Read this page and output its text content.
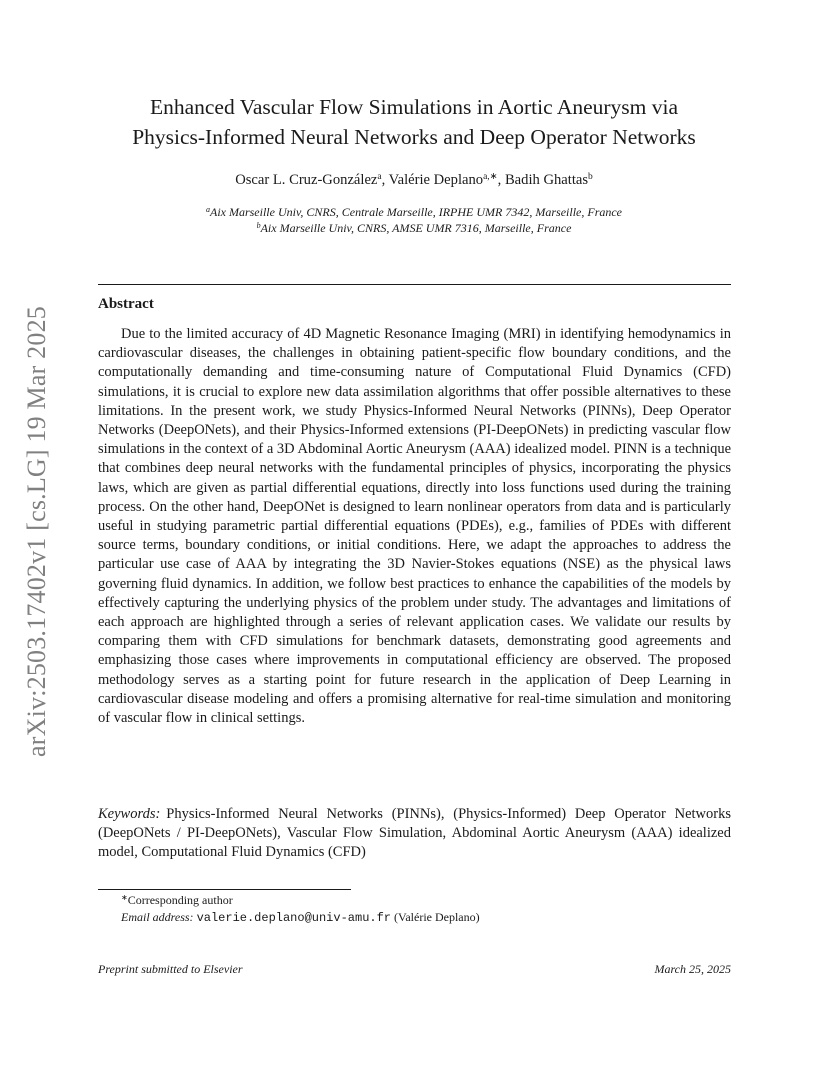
arXiv:2503.17402v1 [cs.LG] 19 Mar 2025
Enhanced Vascular Flow Simulations in Aortic Aneurysm via
Physics-Informed Neural Networks and Deep Operator Networks
Oscar L. Cruz-González$^a$, Valérie Deplano$^{a,∗}$, Badih Ghattas$^b$
$^a$Aix Marseille Univ, CNRS, Centrale Marseille, IRPHE UMR 7342, Marseille, France
$^b$Aix Marseille Univ, CNRS, AMSE UMR 7316, Marseille, France
Abstract
Due to the limited accuracy of 4D Magnetic Resonance Imaging (MRI) in identifying hemodynamics in cardiovascular diseases, the challenges in obtaining patient-specific flow boundary conditions, and the computationally demanding and time-consuming nature of Computational Fluid Dynamics (CFD) simulations, it is crucial to explore new data assimilation algorithms that offer possible alternatives to these limitations. In the present work, we study Physics-Informed Neural Networks (PINNs), Deep Operator Networks (DeepONets), and their Physics-Informed extensions (PI-DeepONets) in predicting vascular flow simulations in the context of a 3D Abdominal Aortic Aneurysm (AAA) idealized model. PINN is a technique that combines deep neural networks with the fundamental principles of physics, incorporating the physics laws, which are given as partial differential equations, directly into loss functions used during the training process. On the other hand, DeepONet is designed to learn nonlinear operators from data and is particularly useful in studying parametric partial differential equations (PDEs), e.g., families of PDEs with different source terms, boundary conditions, or initial conditions. Here, we adapt the approaches to address the particular use case of AAA by integrating the 3D Navier-Stokes equations (NSE) as the physical laws governing fluid dynamics. In addition, we follow best practices to enhance the capabilities of the models by effectively capturing the underlying physics of the problem under study. The advantages and limitations of each approach are highlighted through a series of relevant application cases. We validate our results by comparing them with CFD simulations for benchmark datasets, demonstrating good agreements and emphasizing those cases where improvements in computational efficiency are observed. The proposed methodology serves as a starting point for future research in the application of Deep Learning in cardiovascular disease modeling and offers a promising alternative for real-time simulation and monitoring of vascular flow in clinical settings.
Keywords: Physics-Informed Neural Networks (PINNs), (Physics-Informed) Deep Operator Networks (DeepONets / PI-DeepONets), Vascular Flow Simulation, Abdominal Aortic Aneurysm (AAA) idealized model, Computational Fluid Dynamics (CFD)
∗Corresponding author
Email address: valerie.deplano@univ-amu.fr (Valérie Deplano)
Preprint submitted to Elsevier	March 25, 2025
